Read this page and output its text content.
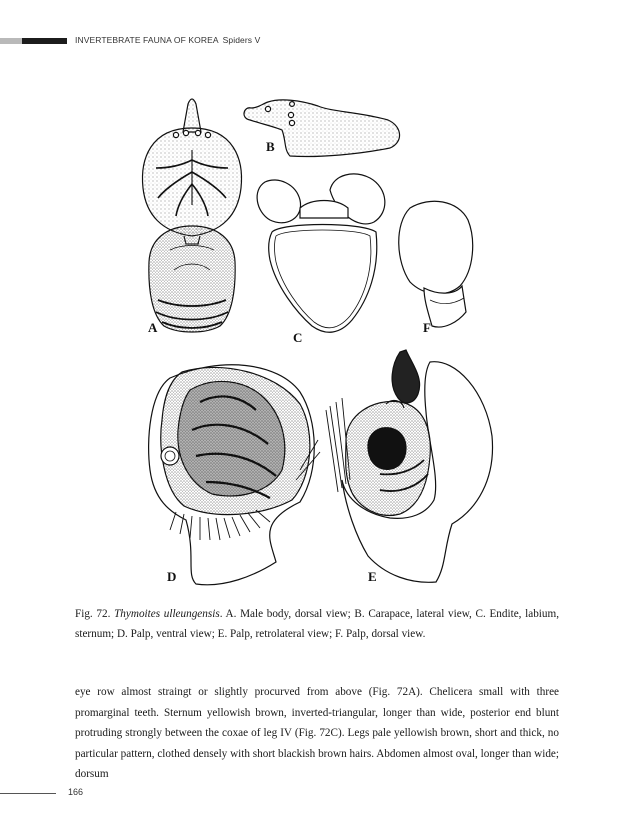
INVERTEBRATE FAUNA OF KOREA Spiders V
A
B
C
D	E
F
Fig. 72. Thymoites ulleungensis. A. Male body, dorsal view; B. Carapace, lateral view, C. Endite, labium, sternum; D. Palp, ventral view; E. Palp, retrolateral view; F. Palp, dorsal view.
eye row almost straingt or slightly procurved from above (Fig. 72A). Chelicera small with three promarginal teeth. Sternum yellowish brown, inverted-triangular, longer than wide, posterior end blunt protruding strongly between the coxae of leg IV (Fig. 72C). Legs pale yellowish brown, short and thick, no particular pattern, clothed densely with short blackish brown hairs. Abdomen almost oval, longer than wide; dorsum
166
